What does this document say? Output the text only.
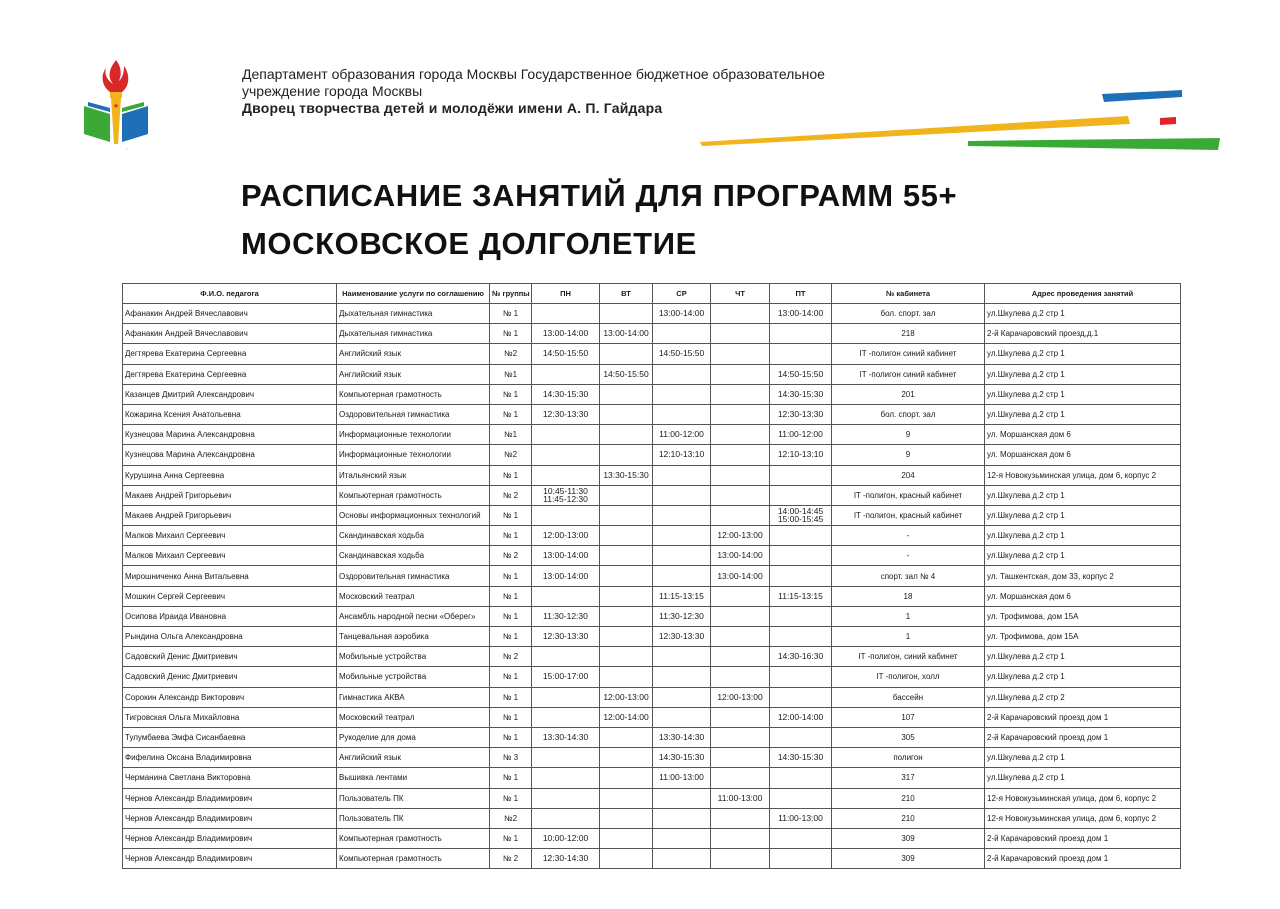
★
ʼ
Департамент образования города Москвы Государственное бюджетное образовательное
учреждение города Москвы
Дворец творчества детей и молодёжи имени А. П. Гайдара
РАСПИСАНИЕ ЗАНЯТИЙ ДЛЯ ПРОГРАММ 55+
МОСКОВСКОЕ ДОЛГОЛЕТИЕ
Ф.И.О. педагога	Наименование услуги по соглашению	№ группы	ПН	ВТ	СР	ЧТ	ПТ	№ кабинета	Адрес проведения занятий
Афанакин Андрей Вячеславович	Дыхательная гимнастика	№ 1			13:00-14:00		13:00-14:00	бол. спорт. зал	ул.Шкулева д.2 стр 1
Афанакин Андрей Вячеславович	Дыхательная гимнастика	№ 1	13:00-14:00	13:00-14:00				218	2-й Карачаровский проезд,д.1
Дегтярева Екатерина Сергеевна	Английский язык	№2	14:50-15:50		14:50-15:50			IT -полигон синий кабинет	ул.Шкулева д.2 стр 1
Дегтярева Екатерина Сергеевна	Английский язык	№1		14:50-15:50			14:50-15:50	IT -полигон синий кабинет	ул.Шкулева д.2 стр 1
Казанцев Дмитрий Александрович	Компьютерная грамотность	№ 1	14:30-15:30				14:30-15:30	201	ул.Шкулева д.2 стр 1
Кожарина Ксения Анатольевна	Оздоровительная гимнастика	№ 1	12:30-13:30				12:30-13:30	бол. спорт. зал	ул.Шкулева д.2 стр 1
Кузнецова Марина Александровна	Информационные технологии	№1			11:00-12:00		11:00-12:00	9	ул. Моршанская дом 6
Кузнецова Марина Александровна	Информационные технологии	№2			12:10-13:10		12:10-13:10	9	ул. Моршанская дом 6
Курушина Анна Сергеевна	Итальянский язык	№ 1		13:30-15:30				204	12-я Новокузьминская улица, дом 6, корпус 2
Макаев Андрей Григорьевич	Компьютерная грамотность	№ 2	10:45-11:30
11:45-12:30					IT -полигон, красный кабинет	ул.Шкулева д.2 стр 1
Макаев Андрей Григорьевич	Основы информационных технологий	№ 1					14:00-14:45
15:00-15:45	IT -полигон, красный кабинет	ул.Шкулева д.2 стр 1
Малков Михаил Сергеевич	Скандинавская ходьба	№ 1	12:00-13:00			12:00-13:00		-	ул.Шкулева д.2 стр 1
Малков Михаил Сергеевич	Скандинавская ходьба	№ 2	13:00-14:00			13:00-14:00		-	ул.Шкулева д.2 стр 1
Мирошниченко Анна Витальевна	Оздоровительная гимнастика	№ 1	13:00-14:00			13:00-14:00		спорт. зал № 4	ул. Ташкентская, дом 33, корпус 2
Мошкин Сергей Сергеевич	Московский театрал	№ 1			11:15-13:15		11:15-13:15	18	ул. Моршанская дом 6
Осипова Ираида Ивановна	Ансамбль народной песни «Оберег»	№ 1	11:30-12:30		11:30-12:30			1	ул. Трофимова, дом 15А
Рындина Ольга Александровна	Танцевальная аэробика	№ 1	12:30-13:30		12:30-13:30			1	ул. Трофимова, дом 15А
Садовский Денис Дмитриевич	Мобильные устройства	№ 2					14:30-16:30	IT -полигон, синий кабинет	ул.Шкулева д.2 стр 1
Садовский Денис Дмитриевич	Мобильные устройства	№ 1	15:00-17:00					IT -полигон, холл	ул.Шкулева д.2 стр 1
Сорокин Александр Викторович	Гимнастика АКВА	№ 1		12:00-13:00		12:00-13:00		бассейн	ул.Шкулева д.2 стр 2
Тигровская Ольга Михайловна	Московский театрал	№ 1		12:00-14:00			12:00-14:00	107	2-й Карачаровский проезд дом 1
Тулумбаева Эмфа Сисанбаевна	Рукоделие для дома	№ 1	13:30-14:30		13:30-14:30			305	2-й Карачаровский проезд дом 1
Фифелина Оксана Владимировна	Английский язык	№ 3			14:30-15:30		14:30-15:30	полигон	ул.Шкулева д.2 стр 1
Черманина Светлана Викторовна	Вышивка лентами	№ 1			11:00-13:00			317	ул.Шкулева д.2 стр 1
Чернов Александр Владимирович	Пользователь ПК	№ 1				11:00-13:00		210	12-я Новокузьминская улица, дом 6, корпус 2
Чернов Александр Владимирович	Пользователь ПК	№2					11:00-13:00	210	12-я Новокузьминская улица, дом 6, корпус 2
Чернов Александр Владимирович	Компьютерная грамотность	№ 1	10:00-12:00					309	2-й Карачаровский проезд дом 1
Чернов Александр Владимирович	Компьютерная грамотность	№ 2	12:30-14:30					309	2-й Карачаровский проезд дом 1
